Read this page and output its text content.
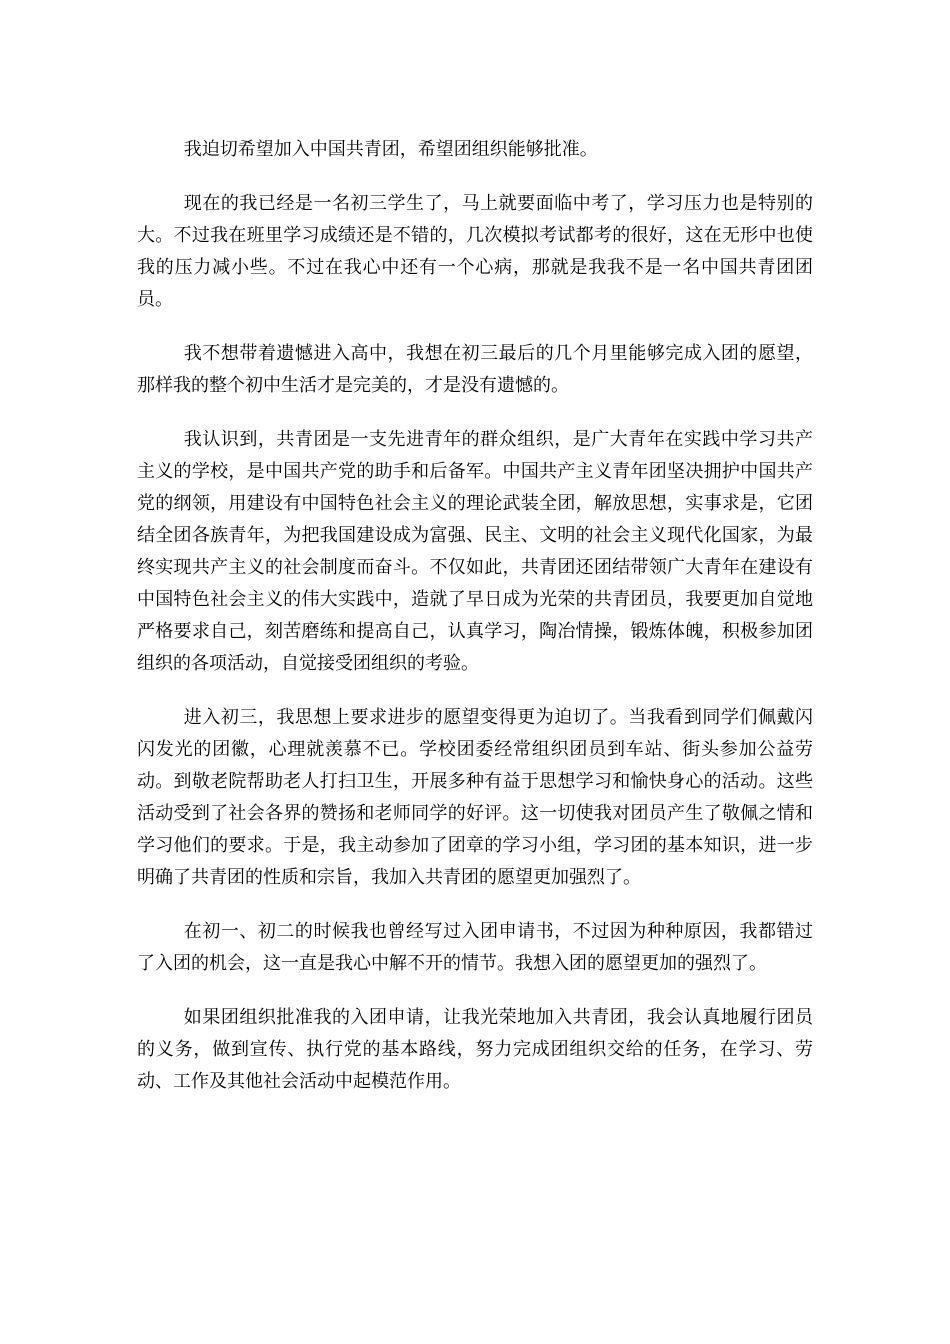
我迫切希望加入中国共青团，希望团组织能够批准。

现在的我已经是一名初三学生了，马上就要面临中考了，学习压力也是特别的大。不过我在班里学习成绩还是不错的，几次模拟考试都考的很好，这在无形中也使我的压力减小些。不过在我心中还有一个心病，那就是我我不是一名中国共青团团员。

我不想带着遗憾进入高中，我想在初三最后的几个月里能够完成入团的愿望，那样我的整个初中生活才是完美的，才是没有遗憾的。

我认识到，共青团是一支先进青年的群众组织，是广大青年在实践中学习共产主义的学校，是中国共产党的助手和后备军。中国共产主义青年团坚决拥护中国共产党的纲领，用建设有中国特色社会主义的理论武装全团，解放思想，实事求是，它团结全团各族青年，为把我国建设成为富强、民主、文明的社会主义现代化国家，为最终实现共产主义的社会制度而奋斗。不仅如此，共青团还团结带领广大青年在建设有中国特色社会主义的伟大实践中，造就了早日成为光荣的共青团员，我要更加自觉地严格要求自己，刻苦磨练和提高自己，认真学习，陶冶情操，锻炼体魄，积极参加团组织的各项活动，自觉接受团组织的考验。

进入初三，我思想上要求进步的愿望变得更为迫切了。当我看到同学们佩戴闪闪发光的团徽，心理就羡慕不已。学校团委经常组织团员到车站、街头参加公益劳动。到敬老院帮助老人打扫卫生，开展多种有益于思想学习和愉快身心的活动。这些活动受到了社会各界的赞扬和老师同学的好评。这一切使我对团员产生了敬佩之情和学习他们的要求。于是，我主动参加了团章的学习小组，学习团的基本知识，进一步明确了共青团的性质和宗旨，我加入共青团的愿望更加强烈了。

在初一、初二的时候我也曾经写过入团申请书，不过因为种种原因，我都错过了入团的机会，这一直是我心中解不开的情节。我想入团的愿望更加的强烈了。

如果团组织批准我的入团申请，让我光荣地加入共青团，我会认真地履行团员的义务，做到宣传、执行党的基本路线，努力完成团组织交给的任务，在学习、劳动、工作及其他社会活动中起模范作用。
